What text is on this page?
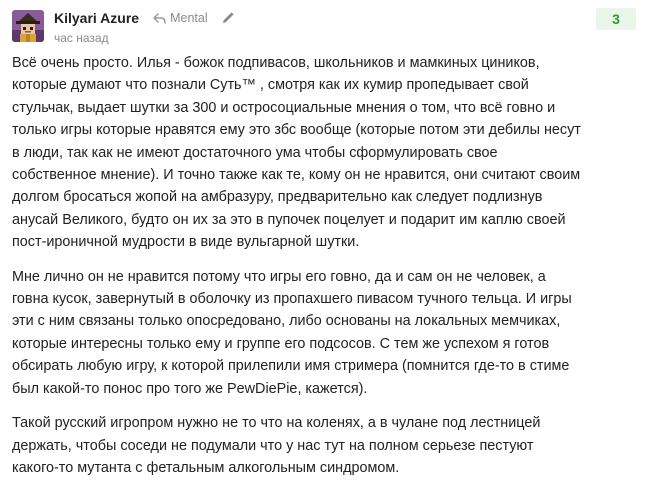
Kilyari Azure Mental
час назад
3

Всё очень просто. Илья - божок подпивасов, школьников и мамкиных циников, которые думают что познали Суть™ , смотря как их кумир пропедывает свой стульчак, выдает шутки за 300 и остросоциальные мнения о том, что всё говно и только игры которые нравятся ему это збс вообще (которые потом эти дебилы несут в люди, так как не имеют достаточного ума чтобы сформулировать свое собственное мнение). И точно также как те, кому он не нравится, они считают своим долгом бросаться жопой на амбразуру, предварительно как следует подлизнув анусай Великого, будто он их за это в пупочек поцелует и подарит им каплю своей пост-ироничной мудрости в виде вульгарной шутки.

Мне лично он не нравится потому что игры его говно, да и сам он не человек, а говна кусок, завернутый в оболочку из пропахшего пивасом тучного тельца. И игры эти с ним связаны только опосредовано, либо основаны на локальных мемчиках, которые интересны только ему и группе его подсосов. С тем же успехом я готов обсирать любую игру, к которой прилепили имя стримера (помнится где-то в стиме был какой-то понос про того же PewDiePie, кажется).

Такой русский игропром нужно не то что на коленях, а в чулане под лестницей держать, чтобы соседи не подумали что у нас тут на полном серьезе пестуют какого-то мутанта с фетальным алкогольным синдромом.
